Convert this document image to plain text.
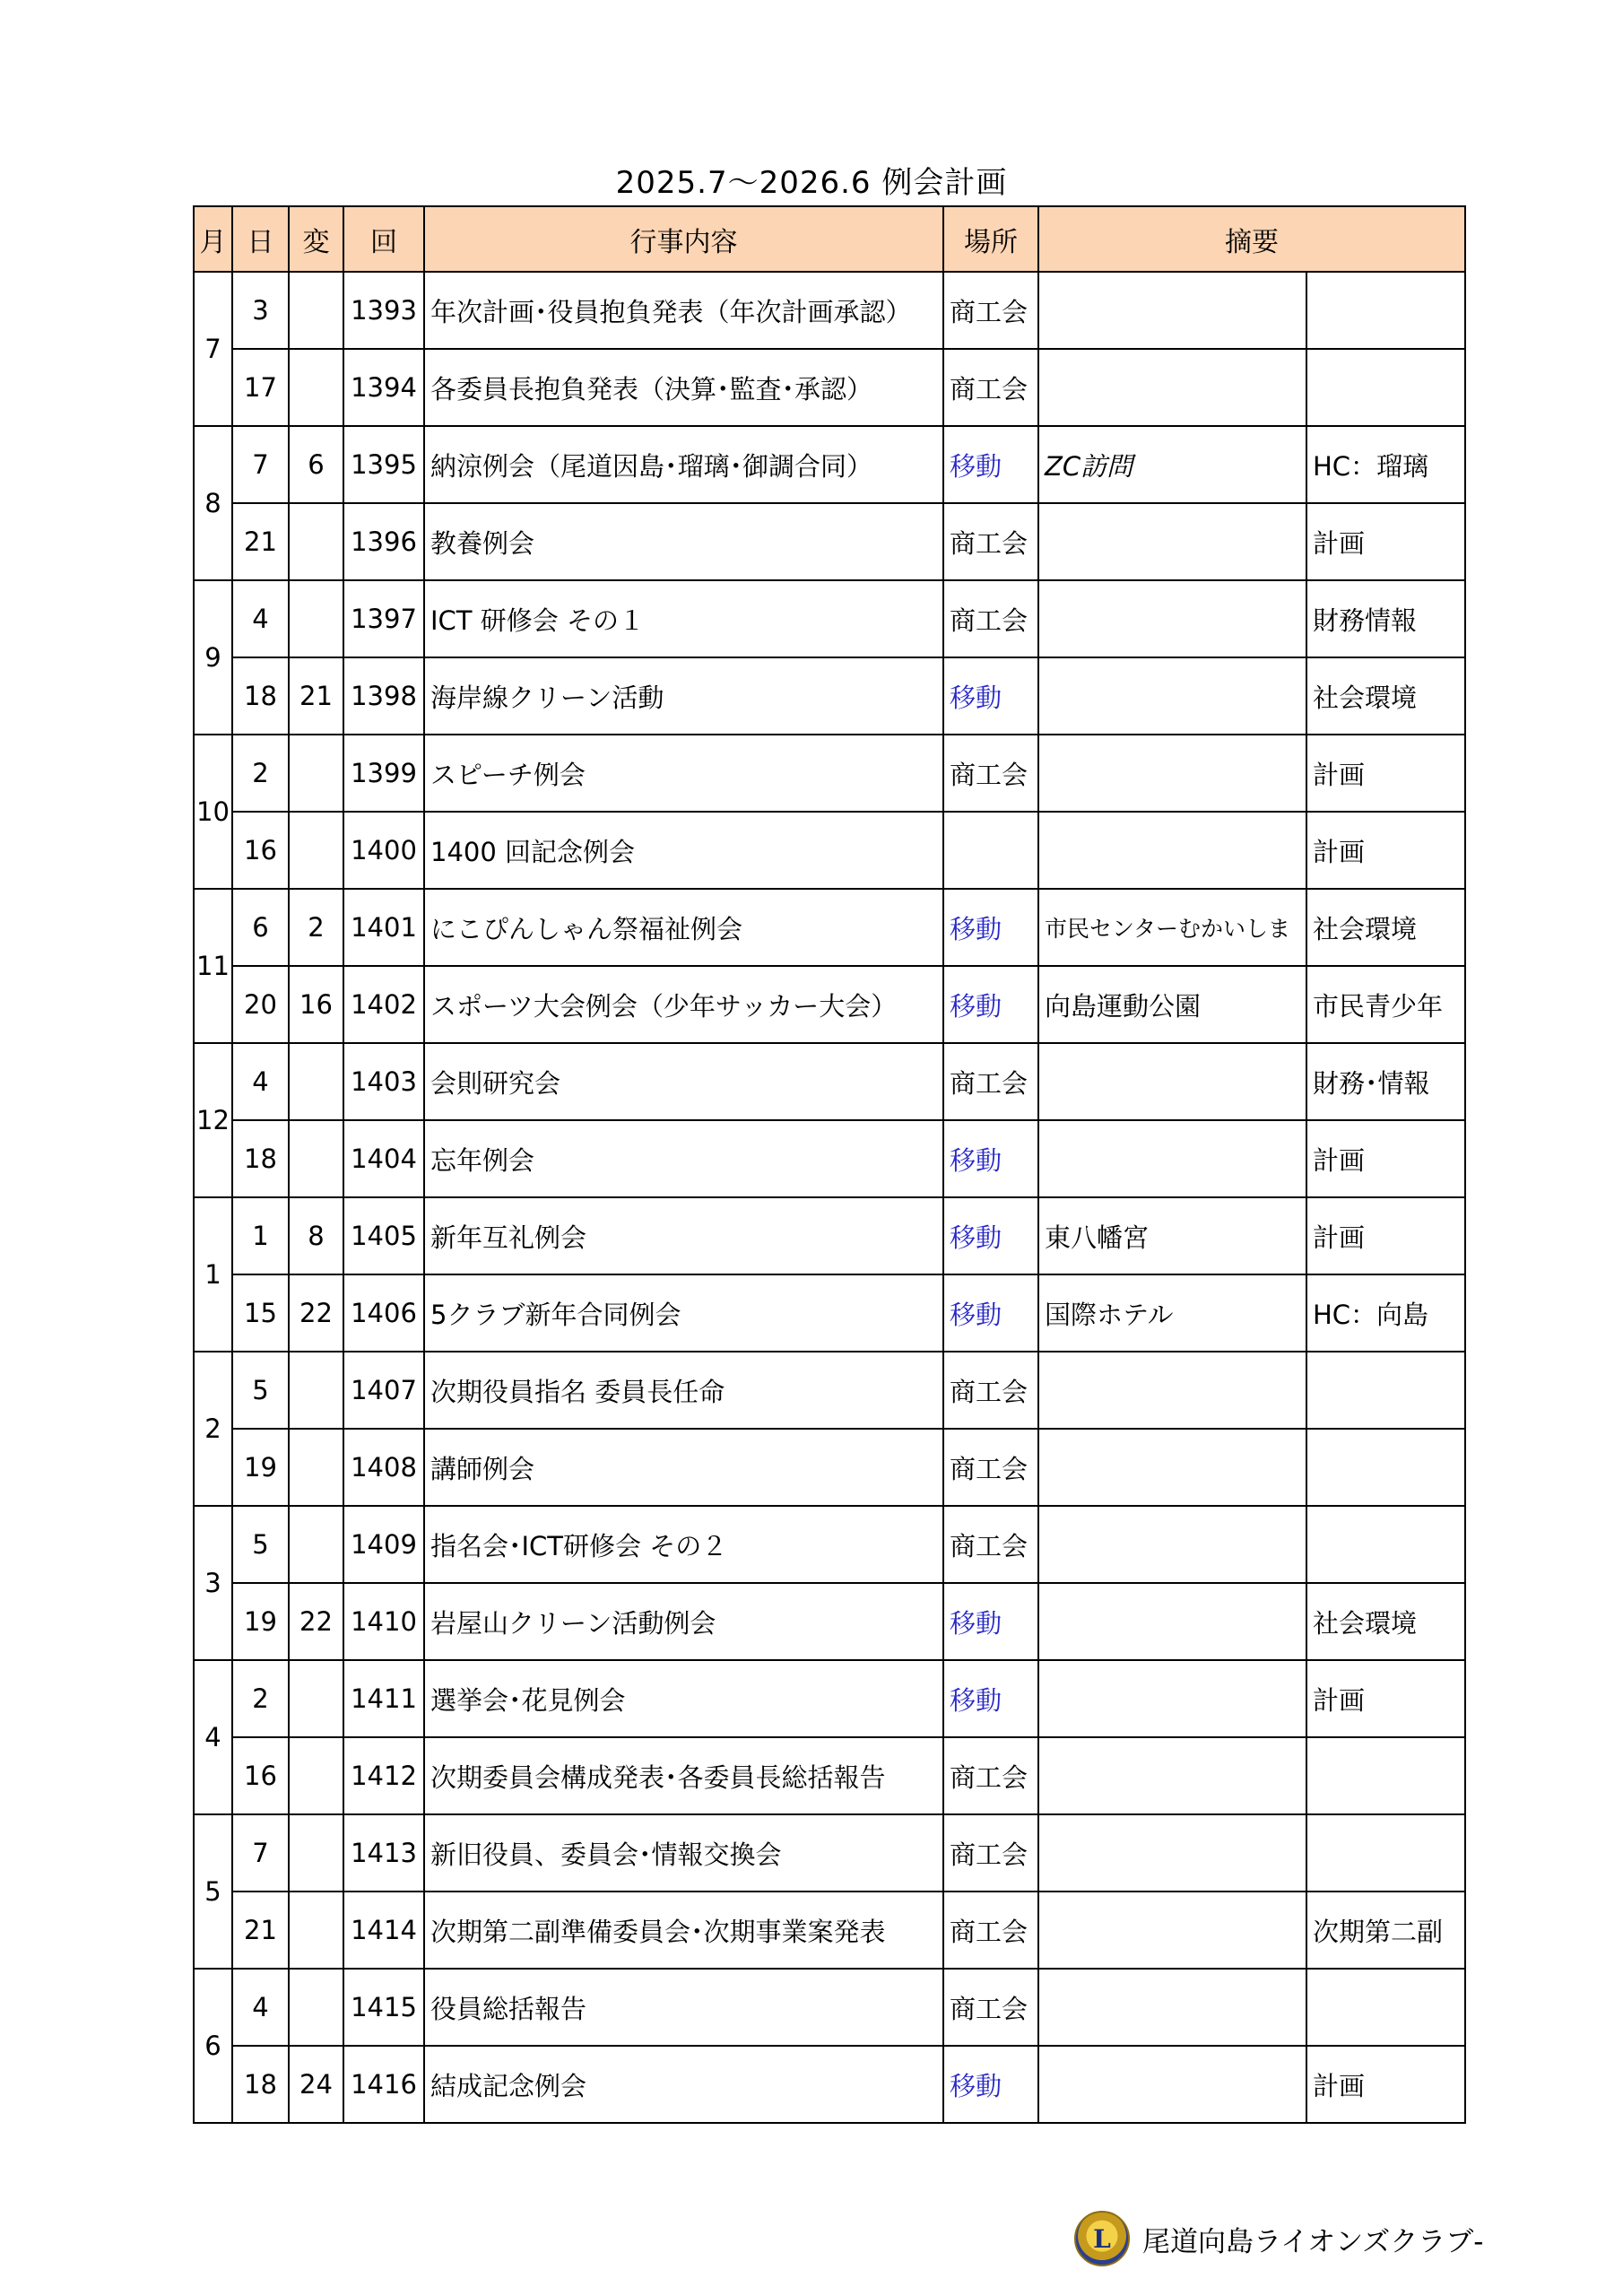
2025.7～2026.6 例会計画
月	日	変	回	行事内容	場所	摘要	
7	3		1393	年次計画･役員抱負発表（年次計画承認）	商工会		
	17		1394	各委員長抱負発表（決算･監査･承認）	商工会		
8	7	6	1395	納涼例会（尾道因島･瑠璃･御調合同）	移動	ZC訪問	HC：瑠璃
	21		1396	教養例会	商工会		計画
9	4		1397	ICT 研修会 その１	商工会		財務情報
	18	21	1398	海岸線クリーン活動	移動		社会環境
10	2		1399	スピーチ例会	商工会		計画
	16		1400	1400 回記念例会			計画
11	6	2	1401	にこぴんしゃん祭福祉例会	移動	市民センターむかいしま	社会環境
	20	16	1402	スポーツ大会例会（少年サッカー大会）	移動	向島運動公園	市民青少年
12	4		1403	会則研究会	商工会		財務･情報
	18		1404	忘年例会	移動		計画
1	1	8	1405	新年互礼例会	移動	東八幡宮	計画
	15	22	1406	5クラブ新年合同例会	移動	国際ホテル	HC：向島
2	5		1407	次期役員指名 委員長任命	商工会		
	19		1408	講師例会	商工会		
3	5		1409	指名会･ICT研修会 その２	商工会		
	19	22	1410	岩屋山クリーン活動例会	移動		社会環境
4	2		1411	選挙会･花見例会	移動		計画
	16		1412	次期委員会構成発表･各委員長総括報告	商工会		
5	7		1413	新旧役員、委員会･情報交換会	商工会		
	21		1414	次期第二副準備委員会･次期事業案発表	商工会		次期第二副
6	4		1415	役員総括報告	商工会		
	18	24	1416	結成記念例会	移動		計画
L 尾道向島ライオンズクラブ-
